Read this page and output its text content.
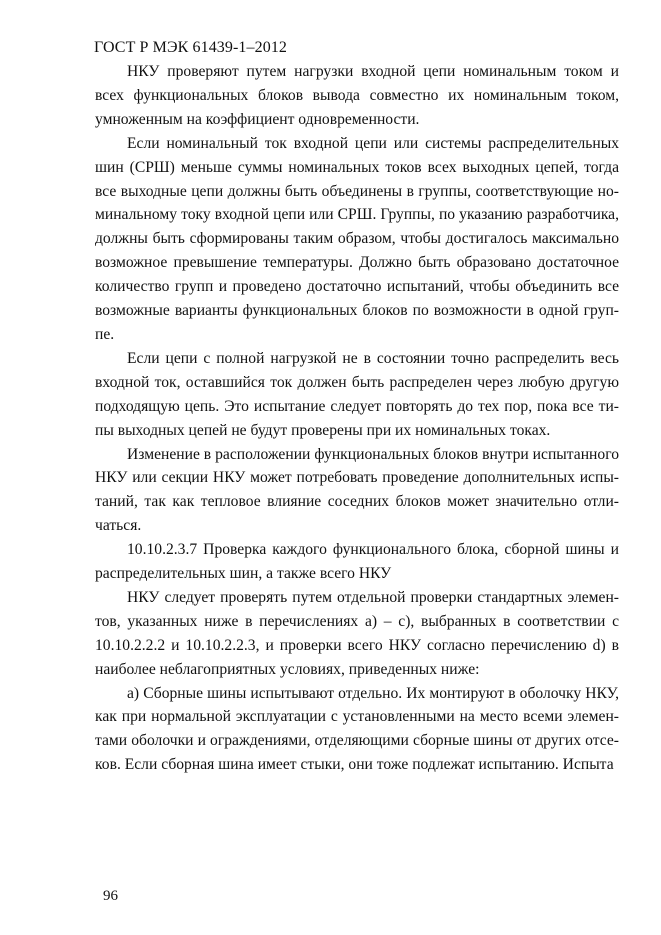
ГОСТ Р МЭК 61439-1–2012

НКУ проверяют путем нагрузки входной цепи номинальным током и всех функциональных блоков вывода совместно их номинальным током, умноженным на коэффициент одновременности.

Если номинальный ток входной цепи или системы распределительных шин (СРШ) меньше суммы номинальных токов всех выходных цепей, тогда все выходные цепи должны быть объединены в группы, соответствующие номинальному току входной цепи или СРШ. Группы, по указанию разработчика, должны быть сформированы таким образом, чтобы достигалось максимально возможное превышение температуры. Должно быть образовано достаточное количество групп и проведено достаточно испытаний, чтобы объединить все возможные варианты функциональных блоков по возможности в одной группе.

Если цепи с полной нагрузкой не в состоянии точно распределить весь входной ток, оставшийся ток должен быть распределен через любую другую подходящую цепь. Это испытание следует повторять до тех пор, пока все типы выходных цепей не будут проверены при их номинальных токах.

Изменение в расположении функциональных блоков внутри испытанного НКУ или секции НКУ может потребовать проведение дополнительных испытаний, так как тепловое влияние соседних блоков может значительно отличаться.

10.10.2.3.7 Проверка каждого функционального блока, сборной шины и распределительных шин, а также всего НКУ

НКУ следует проверять путем отдельной проверки стандартных элементов, указанных ниже в перечислениях а) – с), выбранных в соответствии с 10.10.2.2.2 и 10.10.2.2.3, и проверки всего НКУ согласно перечислению d) в наиболее неблагоприятных условиях, приведенных ниже:

а) Сборные шины испытывают отдельно. Их монтируют в оболочку НКУ, как при нормальной эксплуатации с установленными на место всеми элементами оболочки и ограждениями, отделяющими сборные шины от других отсеков. Если сборная шина имеет стыки, они тоже подлежат испытанию. Испыта

96
